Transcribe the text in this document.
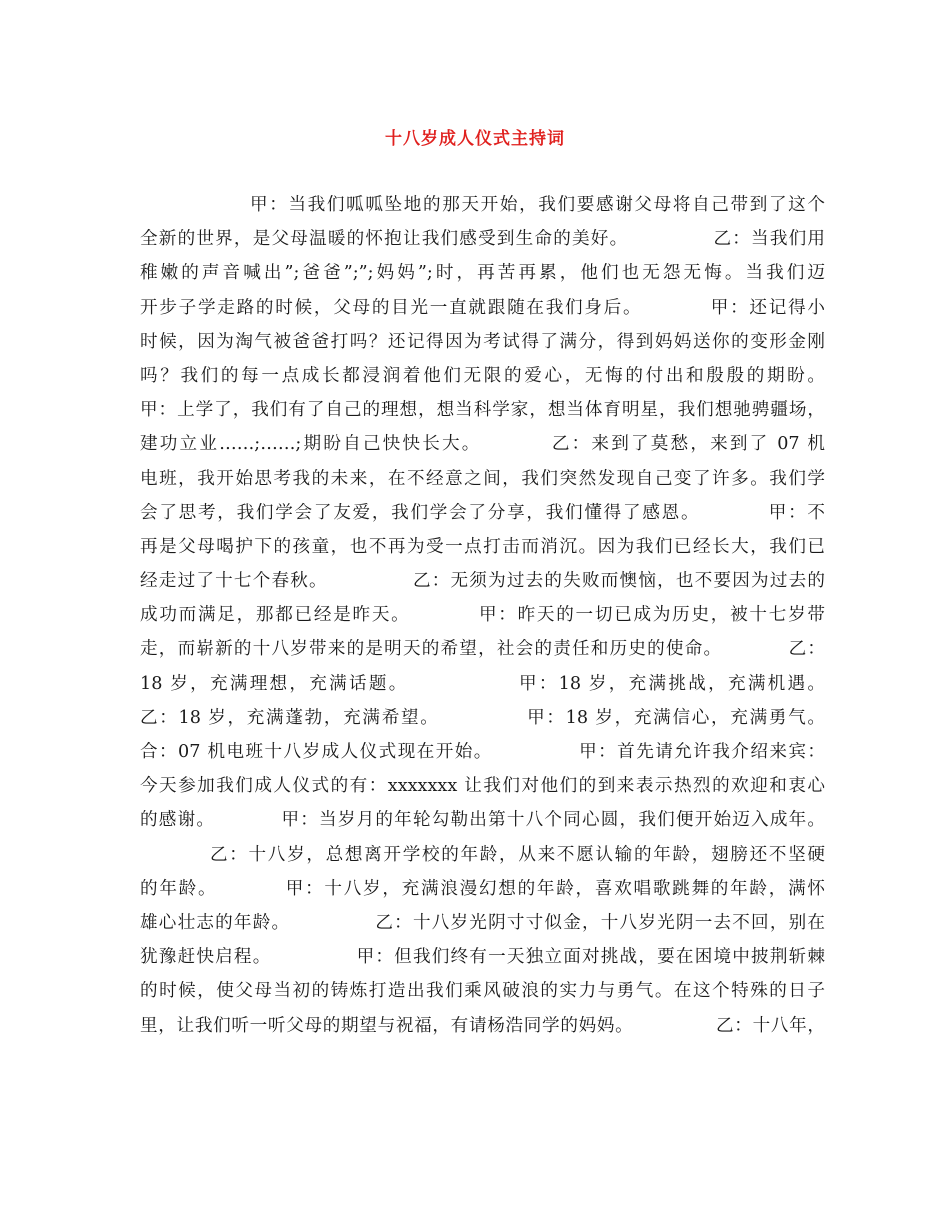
十八岁成人仪式主持词
甲：当我们呱呱坠地的那天开始，我们要感谢父母将自己带到了这个
全新的世界，是父母温暖的怀抱让我们感受到生命的美好。　　　　　乙：当我们用
稚嫩的声音喊出”;爸爸”;”;妈妈”;时，再苦再累，他们也无怨无悔。当我们迈
开步子学走路的时候，父母的目光一直就跟随在我们身后。　　　　甲：还记得小
时候，因为淘气被爸爸打吗？还记得因为考试得了满分，得到妈妈送你的变形金刚
吗？我们的每一点成长都浸润着他们无限的爱心，无悔的付出和殷殷的期盼。
甲：上学了，我们有了自己的理想，想当科学家，想当体育明星，我们想驰骋疆场，
建功立业……;……;期盼自己快快长大。　　　　乙：来到了莫愁，来到了 07 机
电班，我开始思考我的未来，在不经意之间，我们突然发现自己变了许多。我们学
会了思考，我们学会了友爱，我们学会了分享，我们懂得了感恩。　　　　甲：不
再是父母喝护下的孩童，也不再为受一点打击而消沉。因为我们已经长大，我们已
经走过了十七个春秋。　　　　　乙：无须为过去的失败而懊恼，也不要因为过去的
成功而满足，那都已经是昨天。　　　　甲：昨天的一切已成为历史，被十七岁带
走，而崭新的十八岁带来的是明天的希望，社会的责任和历史的使命。　　　　乙：
18 岁，充满理想，充满话题。　　　　　　甲：18 岁，充满挑战，充满机遇。
乙：18 岁，充满蓬勃，充满希望。　　　　　甲：18 岁，充满信心，充满勇气。
合：07 机电班十八岁成人仪式现在开始。　　　　　甲：首先请允许我介绍来宾：
今天参加我们成人仪式的有：xxxxxxx 让我们对他们的到来表示热烈的欢迎和衷心
的感谢。　　　　甲：当岁月的年轮勾勒出第十八个同心圆，我们便开始迈入成年。
乙：十八岁，总想离开学校的年龄，从来不愿认输的年龄，翅膀还不坚硬
的年龄。　　　　甲：十八岁，充满浪漫幻想的年龄，喜欢唱歌跳舞的年龄，满怀
雄心壮志的年龄。　　　　　乙：十八岁光阴寸寸似金，十八岁光阴一去不回，别在
犹豫赶快启程。　　　　　甲：但我们终有一天独立面对挑战，要在困境中披荆斩棘
的时候，使父母当初的铸炼打造出我们乘风破浪的实力与勇气。在这个特殊的日子
里，让我们听一听父母的期望与祝福，有请杨浩同学的妈妈。　　　　　乙：十八年，
